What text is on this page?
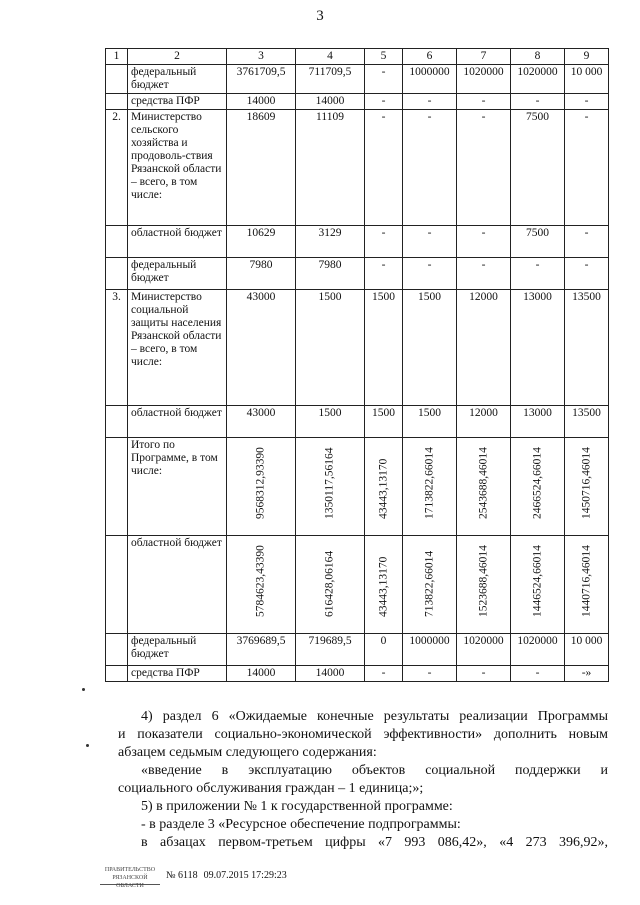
3
1	2	3	4	5	6	7	8	9
	федеральный бюджет	3761709,5	711709,5	-	1000000	1020000	1020000	10 000
	средства ПФР	14000	14000	-	-	-	-	-
2.	Министерство сельского хозяйства и продоволь-ствия Рязанской области – всего, в том числе:	18609	11109	-	-	-	7500	-
	областной бюджет	10629	3129	-	-	-	7500	-
	федеральный бюджет	7980	7980	-	-	-	-	-
3.	Министерство социальной защиты населения Рязанской области – всего, в том числе:	43000	1500	1500	1500	12000	13000	13500
	областной бюджет	43000	1500	1500	1500	12000	13000	13500
	Итого по Программе, в том числе:	9568312,93390	1350117,56164	43443,13170	1713822,66014	2543688,46014	2466524,66014	1450716,46014

	областной бюджет	5784623,43390	616428,06164	43443,13170	713822,66014	1523688,46014	1446524,66014	1440716,46014

	федеральный бюджет	3769689,5	719689,5	0	1000000	1020000	1020000	10 000
	средства ПФР	14000	14000	-	-	-	-	-»
4) раздел 6 «Ожидаемые конечные результаты реализации Программы
и показатели социально-экономической эффективности» дополнить новым
абзацем седьмым следующего содержания:
«введение в эксплуатацию объектов социальной поддержки и
социального обслуживания граждан – 1 единица;»;
5) в приложении № 1 к государственной программе:
- в разделе 3 «Ресурсное обеспечение подпрограммы:
в абзацах первом-третьем цифры «7 993 086,42», «4 273 396,92»,
ПРАВИТЕЛЬСТВО РЯЗАНСКОЙ ОБЛАСТИ
№ 6118 09.07.2015 17:29:23
